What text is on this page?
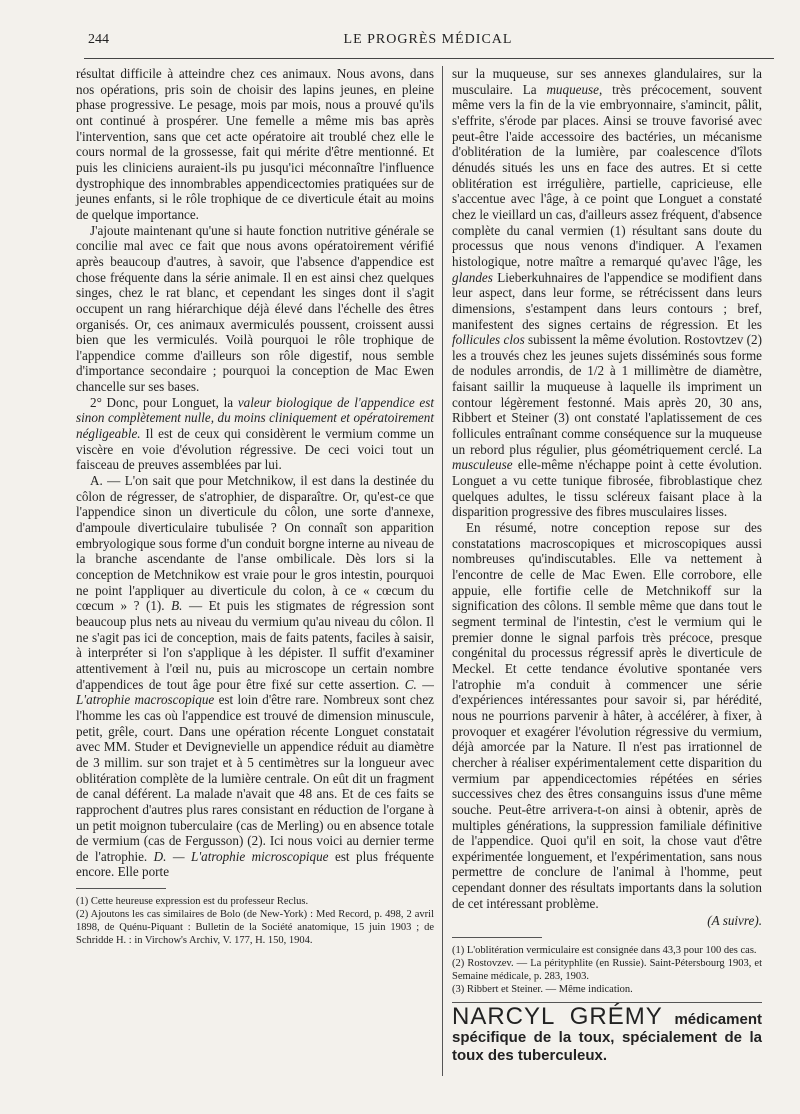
244	LE PROGRÈS MÉDICAL

résultat difficile à atteindre chez ces animaux. Nous avons, dans nos opérations, pris soin de choisir des lapins jeunes, en pleine phase progressive. Le pesage, mois par mois, nous a prouvé qu'ils ont continué à prospérer. Une femelle a même mis bas après l'intervention, sans que cet acte opératoire ait troublé chez elle le cours normal de la grossesse, fait qui mérite d'être mentionné. Et puis les cliniciens auraient-ils pu jusqu'ici méconnaître l'influence dystrophique des innombrables appendicectomies pratiquées sur de jeunes enfants, si le rôle trophique de ce diverticule était au moins de quelque importance.

J'ajoute maintenant qu'une si haute fonction nutritive générale se concilie mal avec ce fait que nous avons opératoirement vérifié après beaucoup d'autres, à savoir, que l'absence d'appendice est chose fréquente dans la série animale. Il en est ainsi chez quelques singes, chez le rat blanc, et cependant les singes dont il s'agit occupent un rang hiérarchique déjà élevé dans l'échelle des êtres organisés. Or, ces animaux avermiculés poussent, croissent aussi bien que les vermiculés. Voilà pourquoi le rôle trophique de l'appendice comme d'ailleurs son rôle digestif, nous semble d'importance secondaire ; pourquoi la conception de Mac Ewen chancelle sur ses bases.

2° Donc, pour Longuet, la valeur biologique de l'appendice est sinon complètement nulle, du moins cliniquement et opératoirement négligeable. Il est de ceux qui considèrent le vermium comme un viscère en voie d'évolution régressive. De ceci voici tout un faisceau de preuves assemblées par lui.

A. — L'on sait que pour Metchnikow, il est dans la destinée du côlon de régresser, de s'atrophier, de disparaître. Or, qu'est-ce que l'appendice sinon un diverticule du côlon, une sorte d'annexe, d'ampoule diverticulaire tubulisée ? On connaît son apparition embryologique sous forme d'un conduit borgne interne au niveau de la branche ascendante de l'anse ombilicale. Dès lors si la conception de Metchnikow est vraie pour le gros intestin, pourquoi ne point l'appliquer au diverticule du colon, à ce « cœcum du cœcum » ? (1). B. — Et puis les stigmates de régression sont beaucoup plus nets au niveau du vermium qu'au niveau du côlon. Il ne s'agit pas ici de conception, mais de faits patents, faciles à saisir, à interpréter si l'on s'applique à les dépister. Il suffit d'examiner attentivement à l'œil nu, puis au microscope un certain nombre d'appendices de tout âge pour être fixé sur cette assertion. C. — L'atrophie macroscopique est loin d'être rare. Nombreux sont chez l'homme les cas où l'appendice est trouvé de dimension minuscule, petit, grêle, court. Dans une opération récente Longuet constatait avec MM. Studer et Devignevielle un appendice réduit au diamètre de 3 millim. sur son trajet et à 5 centimètres sur la longueur avec oblitération complète de la lumière centrale. On eût dit un fragment de canal déférent. La malade n'avait que 48 ans. Et de ces faits se rapprochent d'autres plus rares consistant en réduction de l'organe à un petit moignon tuberculaire (cas de Merling) ou en absence totale de vermium (cas de Fergusson) (2). Ici nous voici au dernier terme de l'atrophie. D. — L'atrophie microscopique est plus fréquente encore. Elle porte

(1) Cette heureuse expression est du professeur Reclus.

(2) Ajoutons les cas similaires de Bolo (de New-York) : Med Record, p. 498, 2 avril 1898, de Quénu-Piquant : Bulletin de la Société anatomique, 15 juin 1903 ; de Schridde H. : in Virchow's Archiv, V. 177, H. 150, 1904.

sur la muqueuse, sur ses annexes glandulaires, sur la musculaire. La muqueuse, très précocement, souvent même vers la fin de la vie embryonnaire, s'amincit, pâlit, s'effrite, s'érode par places. Ainsi se trouve favorisé avec peut-être l'aide accessoire des bactéries, un mécanisme d'oblitération de la lumière, par coalescence d'îlots dénudés situés les uns en face des autres. Et si cette oblitération est irrégulière, partielle, capricieuse, elle s'accentue avec l'âge, à ce point que Longuet a constaté chez le vieillard un cas, d'ailleurs assez fréquent, d'absence complète du canal vermien (1) résultant sans doute du processus que nous venons d'indiquer. A l'examen histologique, notre maître a remarqué qu'avec l'âge, les glandes Lieberkuhnaires de l'appendice se modifient dans leur aspect, dans leur forme, se rétrécissent dans leurs dimensions, s'estampent dans leurs contours ; bref, manifestent des signes certains de régression. Et les follicules clos subissent la même évolution. Rostovtzev (2) les a trouvés chez les jeunes sujets disséminés sous forme de nodules arrondis, de 1/2 à 1 millimètre de diamètre, faisant saillir la muqueuse à laquelle ils impriment un contour légèrement festonné. Mais après 20, 30 ans, Ribbert et Steiner (3) ont constaté l'aplatissement de ces follicules entraînant comme conséquence sur la muqueuse un rebord plus régulier, plus géométriquement cerclé. La musculeuse elle-même n'échappe point à cette évolution. Longuet a vu cette tunique fibrosée, fibroblastique chez quelques adultes, le tissu scléreux faisant place à la disparition progressive des fibres musculaires lisses.

En résumé, notre conception repose sur des constatations macroscopiques et microscopiques aussi nombreuses qu'indiscutables. Elle va nettement à l'encontre de celle de Mac Ewen. Elle corrobore, elle appuie, elle fortifie celle de Metchnikoff sur la signification des côlons. Il semble même que dans tout le segment terminal de l'intestin, c'est le vermium qui le premier donne le signal parfois très précoce, presque congénital du processus régressif après le diverticule de Meckel. Et cette tendance évolutive spontanée vers l'atrophie m'a conduit à commencer une série d'expériences intéressantes pour savoir si, par hérédité, nous ne pourrions parvenir à hâter, à accélérer, à fixer, à provoquer et exagérer l'évolution régressive du vermium, déjà amorcée par la Nature. Il n'est pas irrationnel de chercher à réaliser expérimentalement cette disparition du vermium par appendicectomies répétées en séries successives chez des êtres consanguins issus d'une même souche. Peut-être arrivera-t-on ainsi à obtenir, après de multiples générations, la suppression familiale définitive de l'appendice. Quoi qu'il en soit, la chose vaut d'être expérimentée longuement, et l'expérimentation, sans nous permettre de conclure de l'animal à l'homme, peut cependant donner des résultats importants dans la solution de cet intéressant problème.

(A suivre).

(1) L'oblitération vermiculaire est consignée dans 43,3 pour 100 des cas.

(2) Rostovzev. — La pérityphlite (en Russie). Saint-Pétersbourg 1903, et Semaine médicale, p. 283, 1903.

(3) Ribbert et Steiner. — Même indication.

NARCYL GRÉMY médicament spécifique de la toux, spécialement de la toux des tuberculeux.
